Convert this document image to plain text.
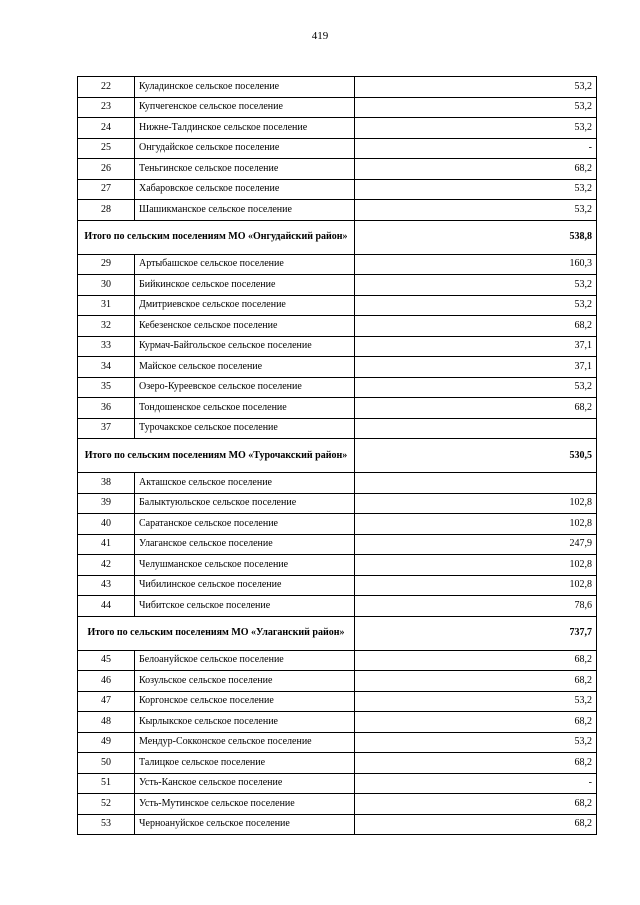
419
22	Куладинское сельское поселение	53,2
23	Купчегенское сельское поселение	53,2
24	Нижне-Талдинское сельское поселение	53,2
25	Онгудайское сельское поселение	-
26	Теньгинское сельское поселение	68,2
27	Хабаровское сельское поселение	53,2
28	Шашикманское сельское поселение	53,2
Итого по сельским поселениям МО «Онгудайский район»		538,8
29	Артыбашское сельское поселение	160,3
30	Бийкинское сельское поселение	53,2
31	Дмитриевское сельское поселение	53,2
32	Кебезенское сельское поселение	68,2
33	Курмач-Байгольское сельское поселение	37,1
34	Майское сельское поселение	37,1
35	Озеро-Куреевское сельское поселение	53,2
36	Тондошенское сельское поселение	68,2
37	Турочакское сельское поселение	
Итого по сельским поселениям МО «Турочакский район»		530,5
38	Акташское сельское поселение	
39	Балыктуюльское сельское поселение	102,8
40	Саратанское сельское поселение	102,8
41	Улаганское сельское поселение	247,9
42	Челушманское сельское поселение	102,8
43	Чибилинское сельское поселение	102,8
44	Чибитское сельское поселение	78,6
Итого по сельским поселениям МО «Улаганский район»		737,7
45	Белоануйское сельское поселение	68,2
46	Козульское сельское поселение	68,2
47	Коргонское сельское поселение	53,2
48	Кырлыкское сельское поселение	68,2
49	Мендур-Сокконское сельское поселение	53,2
50	Талицкое сельское поселение	68,2
51	Усть-Канское сельское поселение	-
52	Усть-Мутинское сельское поселение	68,2
53	Черноануйское сельское поселение	68,2
